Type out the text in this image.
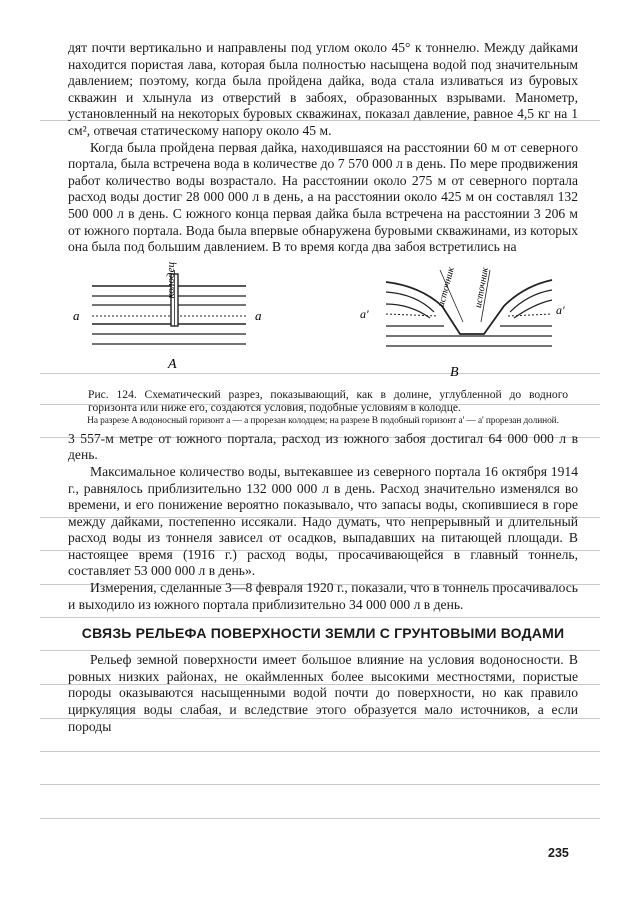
дят почти вертикально и направлены под углом около 45° к тоннелю. Между дайками находится пористая лава, которая была полностью насыщена водой под значительным давлением; поэтому, когда была пройдена дайка, вода стала изливаться из буровых скважин и хлынула из отверстий в забоях, образованных взрывами. Манометр, установленный на некоторых буровых скважинах, показал давление, равное 4,5 кг на 1 см², отвечая статическому напору около 45 м.

Когда была пройдена первая дайка, находившаяся на расстоянии 60 м от северного портала, была встречена вода в количестве до 7 570 000 л в день. По мере продвижения работ количество воды возрастало. На расстоянии около 275 м от северного портала расход воды достиг 28 000 000 л в день, а на расстоянии около 425 м он составлял 132 500 000 л в день. С южного конца первая дайка была встречена на расстоянии 3 206 м от южного портала. Вода была впервые обнаружена буровыми скважинами, из которых она была под большим давлением. В то время когда два забоя встретились на

a	a
A
колодец
a'	a'
B
источник источник

Рис. 124. Схематический разрез, показывающий, как в долине, углубленной до водного горизонта или ниже его, создаются условия, подобные условиям в колодце.

На разрезе A водоносный горизонт a — a прорезан колодцем; на разрезе B подобный горизонт a' — a' прорезан долиной.

3 557-м метре от южного портала, расход из южного забоя достигал 64 000 000 л в день.

Максимальное количество воды, вытекавшее из северного портала 16 октября 1914 г., равнялось приблизительно 132 000 000 л в день. Расход значительно изменялся во времени, и его понижение вероятно показывало, что запасы воды, скопившиеся в горе между дайками, постепенно иссякали. Надо думать, что непрерывный и длительный расход воды из тоннеля зависел от осадков, выпадавших на питающей площади. В настоящее время (1916 г.) расход воды, просачивающейся в главный тоннель, составляет 53 000 000 л в день».

Измерения, сделанные 3—8 февраля 1920 г., показали, что в тоннель просачивалось и выходило из южного портала приблизительно 34 000 000 л в день.

СВЯЗЬ РЕЛЬЕФА ПОВЕРХНОСТИ ЗЕМЛИ С ГРУНТОВЫМИ ВОДАМИ

Рельеф земной поверхности имеет большое влияние на условия водоносности. В ровных низких районах, не окаймленных более высокими местностями, пористые породы оказываются насыщенными водой почти до поверхности, но как правило циркуляция воды слабая, и вследствие этого образуется мало источников, а если породы

235
